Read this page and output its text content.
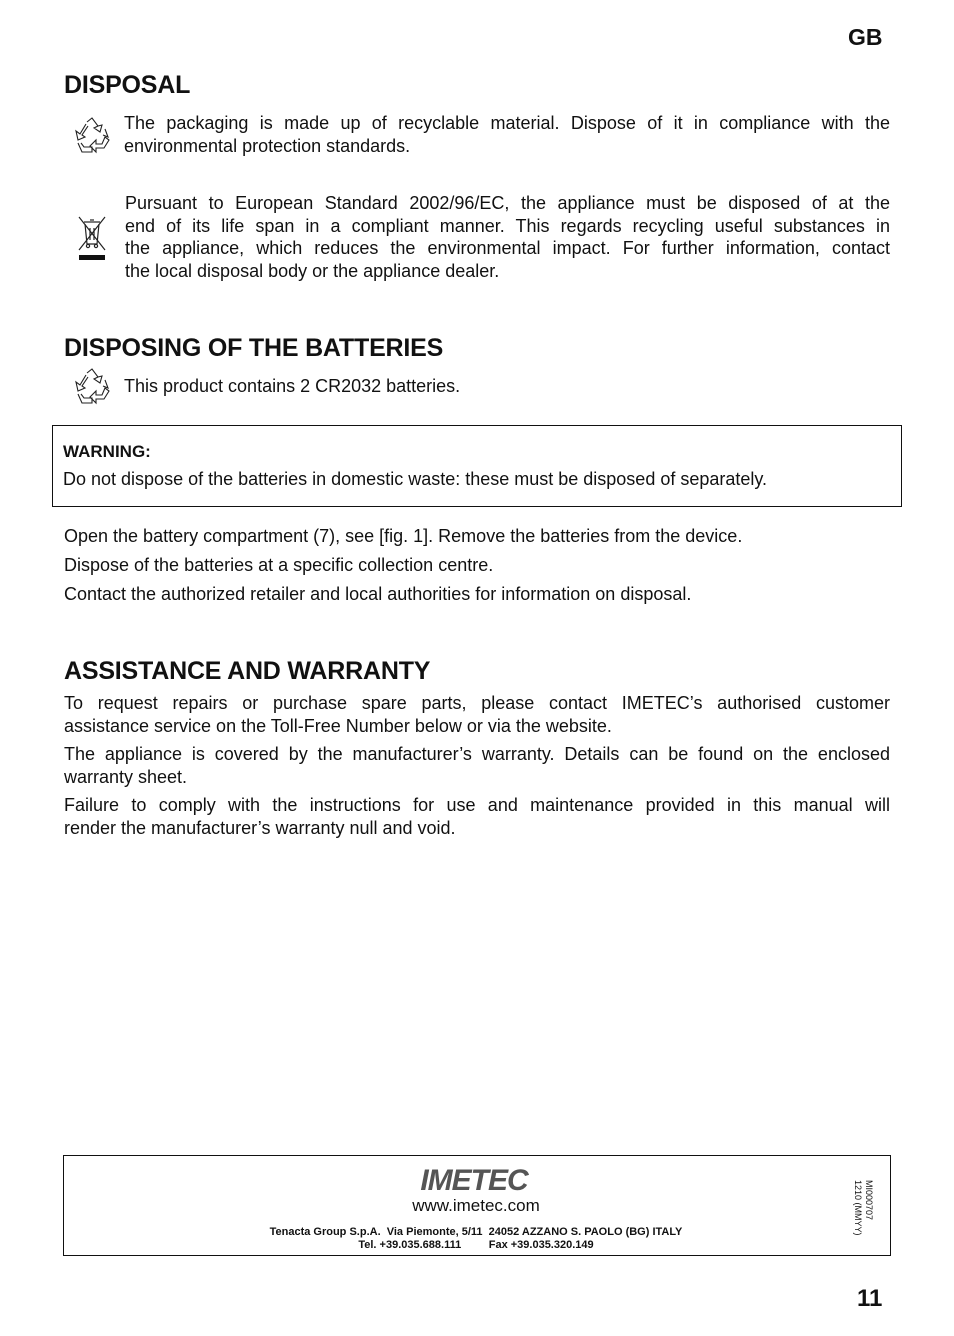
GB
DISPOSAL
The packaging is made up of recyclable material. Dispose of it in compliance with the
environmental protection standards.
Pursuant to European Standard 2002/96/EC, the appliance must be disposed of at the
end of its life span in a compliant manner. This regards recycling useful substances in
the appliance, which reduces the environmental impact. For further information, contact
the local disposal body or the appliance dealer.
DISPOSING OF THE BATTERIES
This product contains 2 CR2032 batteries.
WARNING:
Do not dispose of the batteries in domestic waste: these must be disposed of separately.
Open the battery compartment (7), see [fig. 1]. Remove the batteries from the device.
Dispose of the batteries at a specific collection centre.
Contact the authorized retailer and local authorities for information on disposal.
ASSISTANCE AND WARRANTY
To request repairs or purchase spare parts, please contact IMETEC’s authorised customer
assistance service on the Toll-Free Number below or via the website.
The appliance is covered by the manufacturer’s warranty. Details can be found on the enclosed
warranty sheet.
Failure to comply with the instructions for use and maintenance provided in this manual will
render the manufacturer’s warranty null and void.
IMETEC
www.imetec.com
Tenacta Group S.p.A.  Via Piemonte, 5/11  24052 AZZANO S. PAOLO (BG) ITALY
Tel. +39.035.688.111         Fax +39.035.320.149
MI000707
1210 (MMYY)
11
